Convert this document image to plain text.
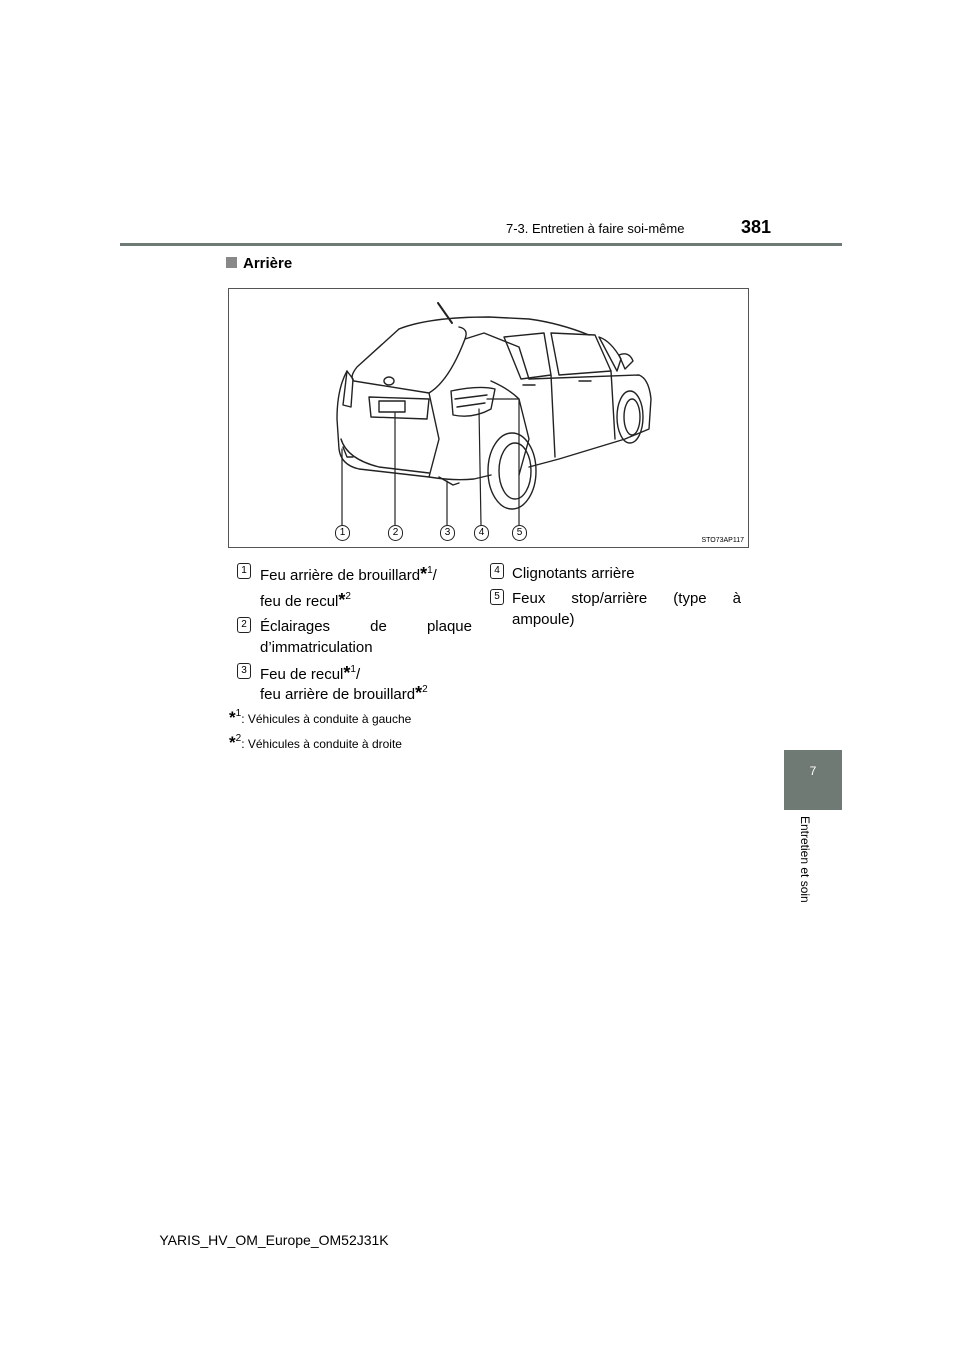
7-3. Entretien à faire soi-même	381
7
Entretien et soin
Arrière
1	2	3	4	5
STO73AP117
1 Feu arrière de brouillard*$^1$/
feu de recul*$^2$
2 Éclairages de plaque
d’immatriculation
3 Feu de recul*$^1$/
feu arrière de brouillard*$^2$
4 Clignotants arrière
5 Feux stop/arrière (type à
ampoule)
*$^1$: Véhicules à conduite à gauche
*$^2$: Véhicules à conduite à droite
YARIS_HV_OM_Europe_OM52J31K
